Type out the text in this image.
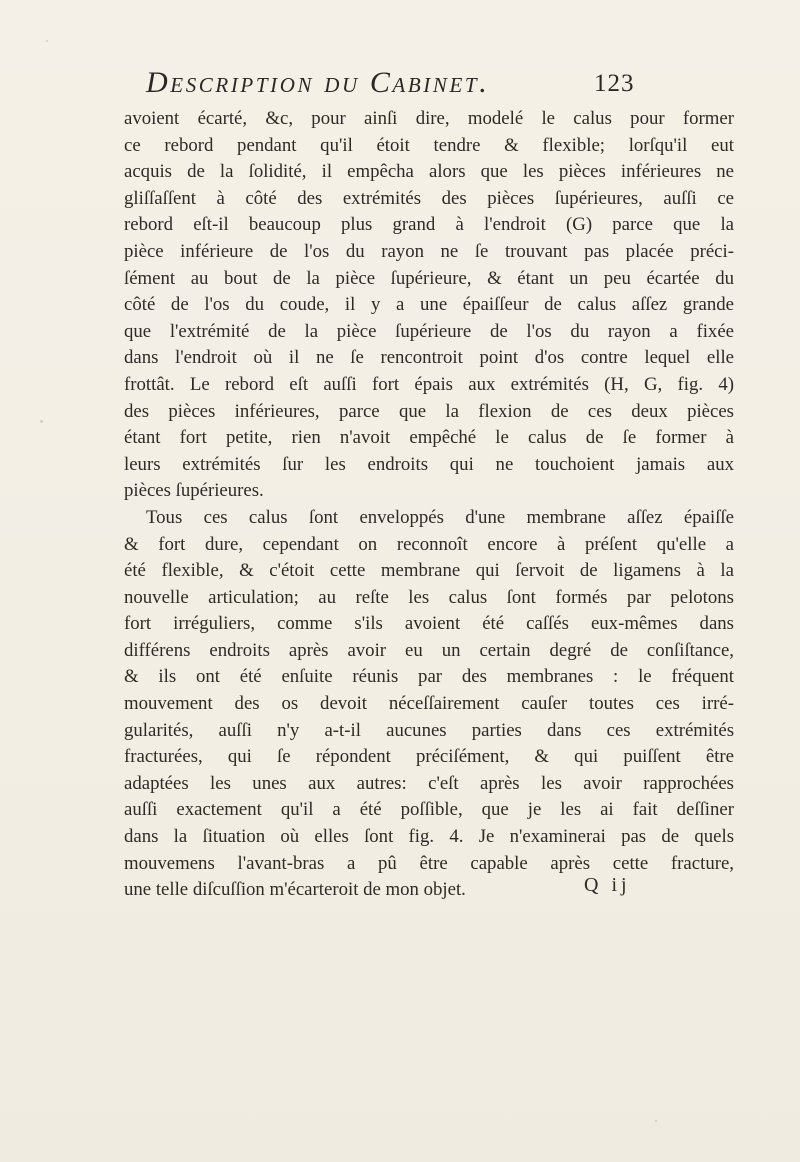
Description du Cabinet.	123
avoient écarté, &c, pour ainſi dire, modelé le calus pour former
ce rebord pendant qu'il étoit tendre & flexible; lorſqu'il eut
acquis de la ſolidité, il empêcha alors que les pièces inférieures ne
gliſſaſſent à côté des extrémités des pièces ſupérieures, auſſi ce
rebord eſt-il beaucoup plus grand à l'endroit (G) parce que la
pièce inférieure de l'os du rayon ne ſe trouvant pas placée préci-
ſément au bout de la pièce ſupérieure, & étant un peu écartée du
côté de l'os du coude, il y a une épaiſſeur de calus aſſez grande
que l'extrémité de la pièce ſupérieure de l'os du rayon a fixée
dans l'endroit où il ne ſe rencontroit point d'os contre lequel elle
frottât. Le rebord eſt auſſi fort épais aux extrémités (H, G, fig. 4)
des pièces inférieures, parce que la flexion de ces deux pièces
étant fort petite, rien n'avoit empêché le calus de ſe former à
leurs extrémités ſur les endroits qui ne touchoient jamais aux
pièces ſupérieures.
Tous ces calus ſont enveloppés d'une membrane aſſez épaiſſe
& fort dure, cependant on reconnoît encore à préſent qu'elle a
été flexible, & c'étoit cette membrane qui ſervoit de ligamens à la
nouvelle articulation; au reſte les calus ſont formés par pelotons
fort irréguliers, comme s'ils avoient été caſſés eux-mêmes dans
différens endroits après avoir eu un certain degré de conſiſtance,
& ils ont été enſuite réunis par des membranes : le fréquent
mouvement des os devoit néceſſairement cauſer toutes ces irré-
gularités, auſſi n'y a-t-il aucunes parties dans ces extrémités
fracturées, qui ſe répondent préciſément, & qui puiſſent être
adaptées les unes aux autres: c'eſt après les avoir rapprochées
auſſi exactement qu'il a été poſſible, que je les ai fait deſſiner
dans la ſituation où elles ſont fig. 4. Je n'examinerai pas de quels
mouvemens l'avant-bras a pû être capable après cette fracture,
une telle diſcuſſion m'écarteroit de mon objet.	Q ij
